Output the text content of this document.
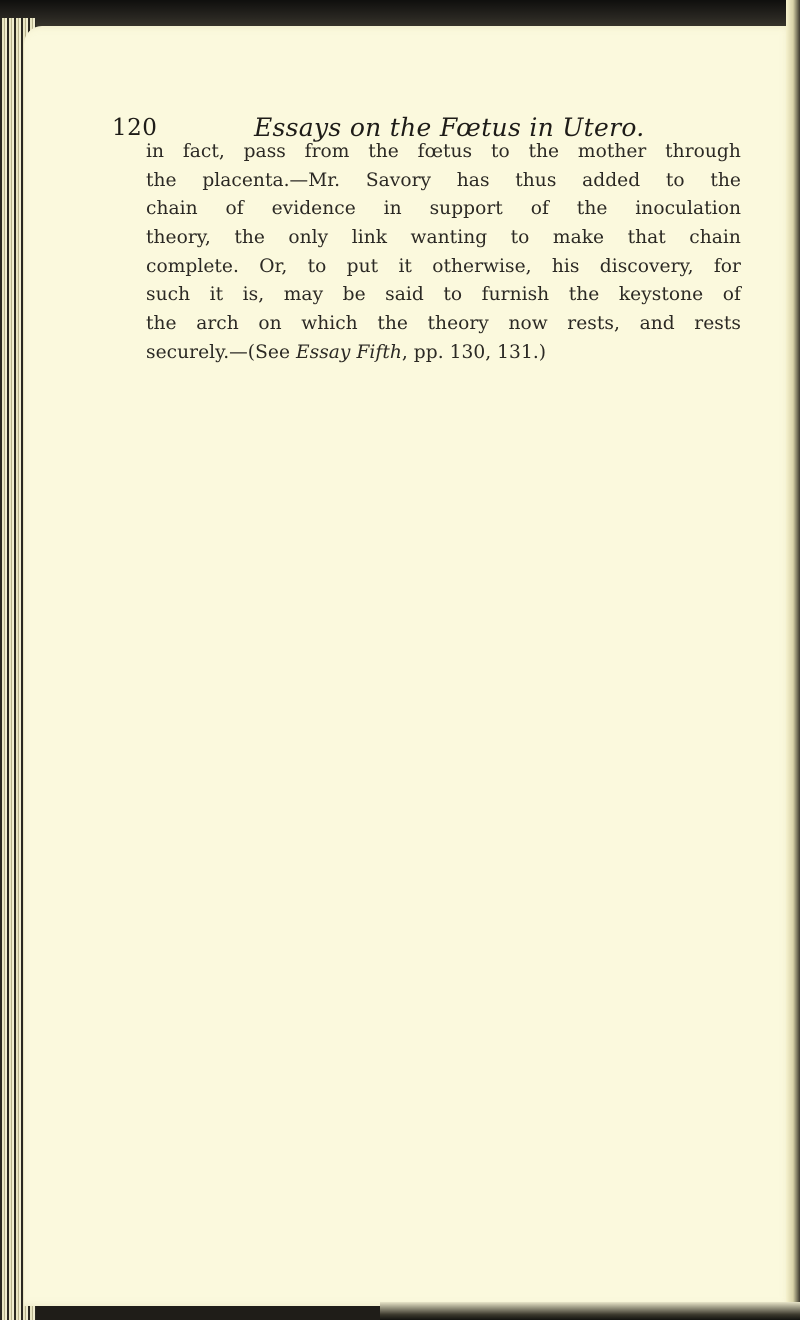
120	Essays on the Fœtus in Utero.
in fact, pass from the fœtus to the mother through
the placenta.—Mr. Savory has thus added to the
chain of evidence in support of the inoculation
theory, the only link wanting to make that chain
complete. Or, to put it otherwise, his discovery, for
such it is, may be said to furnish the keystone of
the arch on which the theory now rests, and rests
securely.—(See Essay Fifth, pp. 130, 131.)
